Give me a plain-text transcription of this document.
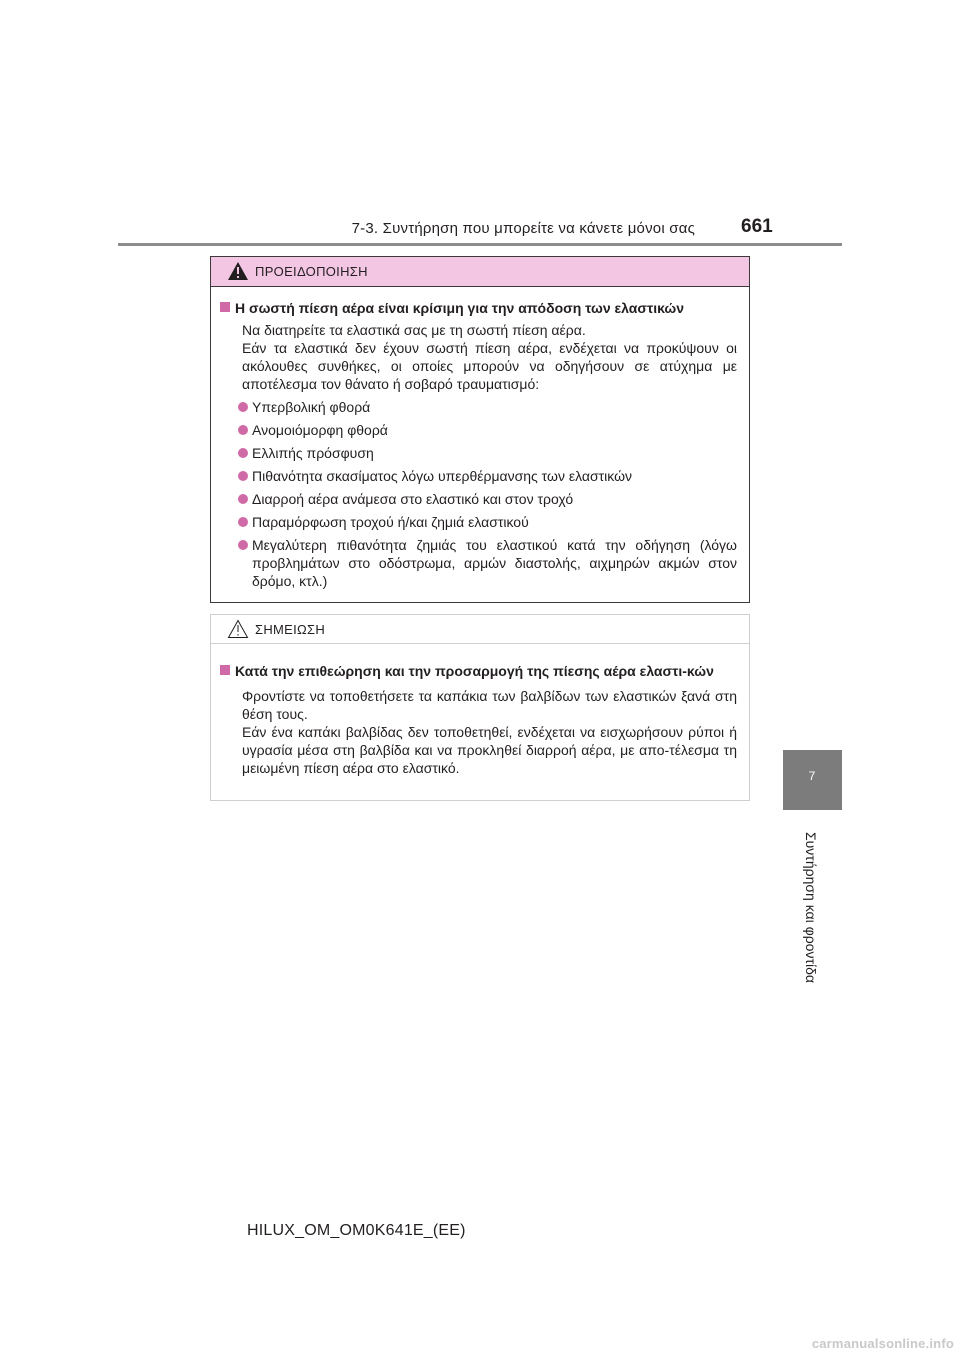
7-3. Συντήρηση που μπορείτε να κάνετε μόνοι σας 661
7
Συντήρηση και φροντίδα
ΠΡΟΕΙΔΟΠΟΙΗΣΗ
Η σωστή πίεση αέρα είναι κρίσιμη για την απόδοση των ελαστικών
Να διατηρείτε τα ελαστικά σας με τη σωστή πίεση αέρα.
Εάν τα ελαστικά δεν έχουν σωστή πίεση αέρα, ενδέχεται να προκύψουν οι ακόλουθες συνθήκες, οι οποίες μπορούν να οδηγήσουν σε ατύχημα με αποτέλεσμα τον θάνατο ή σοβαρό τραυματισμό:
Υπερβολική φθορά
Ανομοιόμορφη φθορά
Ελλιπής πρόσφυση
Πιθανότητα σκασίματος λόγω υπερθέρμανσης των ελαστικών
Διαρροή αέρα ανάμεσα στο ελαστικό και στον τροχό
Παραμόρφωση τροχού ή/και ζημιά ελαστικού
Μεγαλύτερη πιθανότητα ζημιάς του ελαστικού κατά την οδήγηση (λόγω προβλημάτων στο οδόστρωμα, αρμών διαστολής, αιχμηρών ακμών στον δρόμο, κτλ.)
ΣΗΜΕΙΩΣΗ
Κατά την επιθεώρηση και την προσαρμογή της πίεσης αέρα ελαστι-κών
Φροντίστε να τοποθετήσετε τα καπάκια των βαλβίδων των ελαστικών ξανά στη θέση τους.
Εάν ένα καπάκι βαλβίδας δεν τοποθετηθεί, ενδέχεται να εισχωρήσουν ρύποι ή υγρασία μέσα στη βαλβίδα και να προκληθεί διαρροή αέρα, με απο-τέλεσμα τη μειωμένη πίεση αέρα στο ελαστικό.
HILUX_OM_OM0K641E_(EE)
carmanualsonline.info
